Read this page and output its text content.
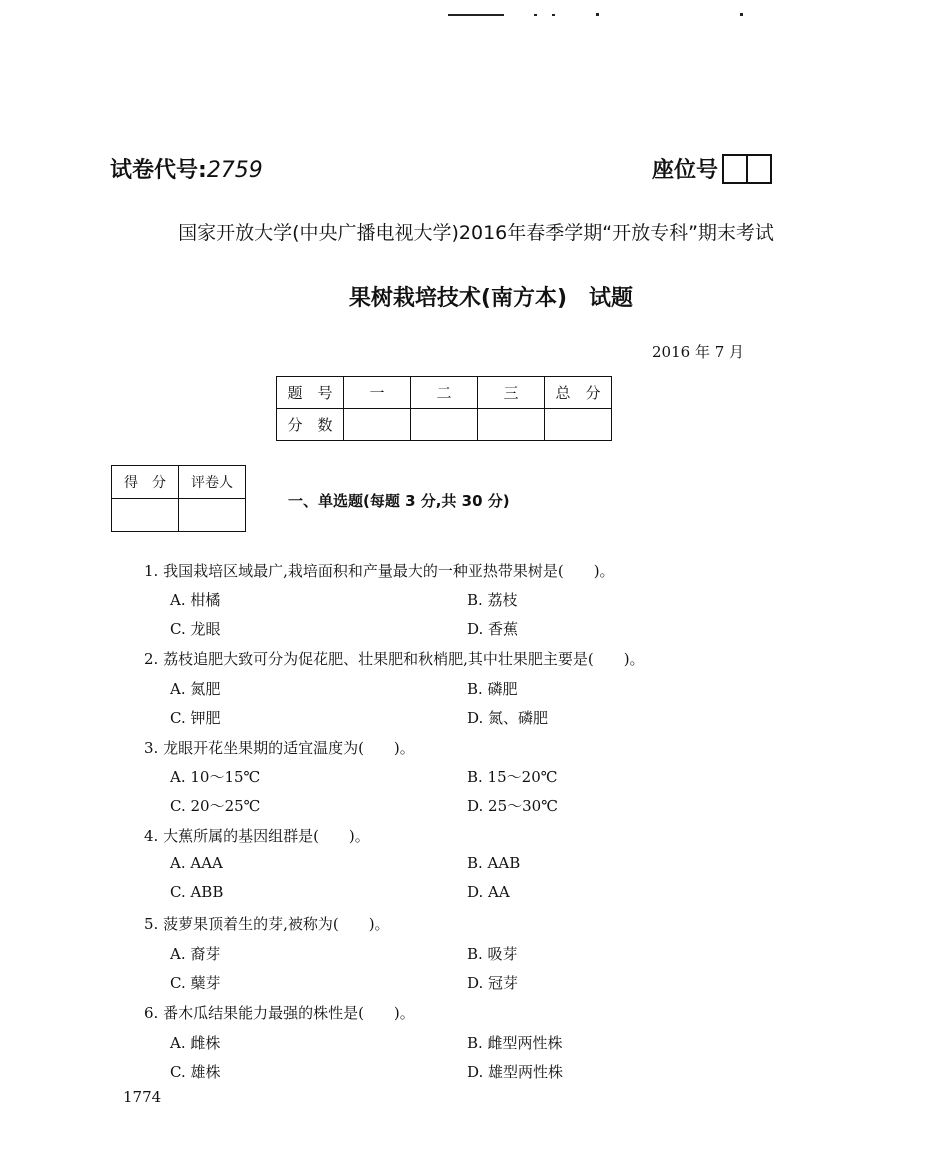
试卷代号:2759	座位号
国家开放大学(中央广播电视大学)2016年春季学期“开放专科”期末考试
果树栽培技术(南方本) 试题
2016 年 7 月
题　号	一	二	三	总　分
分　数				
得　分	评卷人

一、单选题(每题 3 分,共 30 分)
1. 我国栽培区域最广,栽培面积和产量最大的一种亚热带果树是(　　)。
A. 柑橘	B. 荔枝
C. 龙眼	D. 香蕉
2. 荔枝追肥大致可分为促花肥、壮果肥和秋梢肥,其中壮果肥主要是(　　)。
A. 氮肥	B. 磷肥
C. 钾肥	D. 氮、磷肥
3. 龙眼开花坐果期的适宜温度为(　　)。
A. 10～15℃	B. 15～20℃
C. 20～25℃	D. 25～30℃
4. 大蕉所属的基因组群是(　　)。
A. AAA	B. AAB
C. ABB	D. AA
5. 菠萝果顶着生的芽,被称为(　　)。
A. 裔芽	B. 吸芽
C. 蘖芽	D. 冠芽
6. 番木瓜结果能力最强的株性是(　　)。
A. 雌株	B. 雌型两性株
C. 雄株	D. 雄型两性株
1774
